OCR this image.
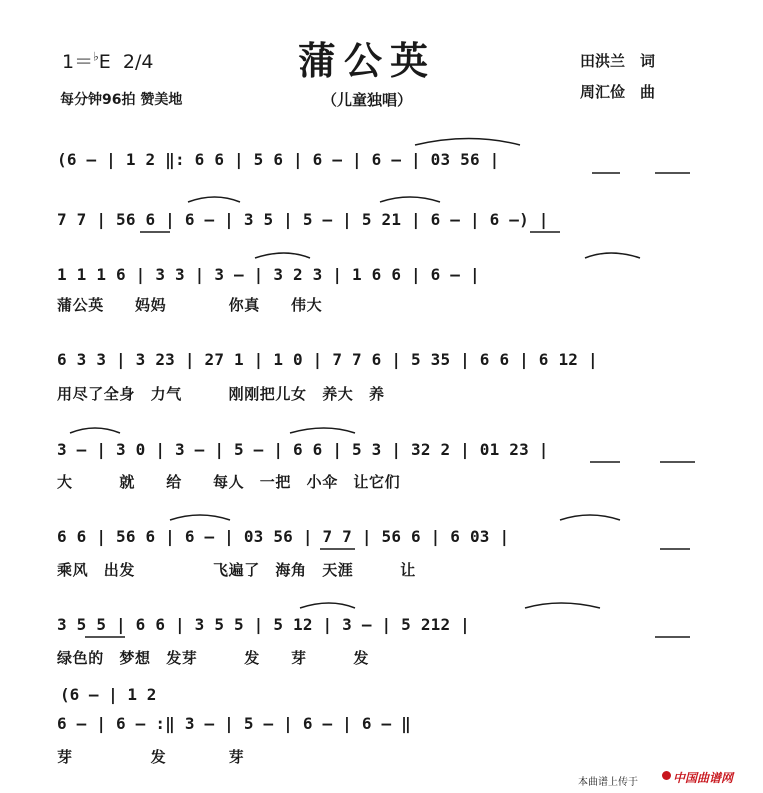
蒲公英
1＝♭E 2/4
每分钟96拍 赞美地	（儿童独唱）
田洪兰　词
周汇俭　曲
(6 — | 1 2 ‖: 6 6 | 5 6 | 6 — | 6 — | 03 56 |
7 7 | 56 6 | 6 — | 3 5 | 5 — | 5 21 | 6 — | 6 —) |
1 1 1 6 | 3 3 | 3 — | 3 2 3 | 1 6 6 | 6 — |
蒲公英　　妈妈　　　　你真　　伟大
6 3 3 | 3 23 | 27 1 | 1 0 | 7 7 6 | 5 35 | 6 6 | 6 12 |
用尽了全身　力气　　　刚刚把儿女　养大　养
3 — | 3 0 | 3 — | 5 — | 6 6 | 5 3 | 32 2 | 01 23 |
大　　　就　　给　　每人　一把　小伞　让它们
6 6 | 56 6 | 6 — | 03 56 | 7 7 | 56 6 | 6 03 |
乘风　出发　　　　　飞遍了　海角　天涯　　　让
3 5 5 | 6 6 | 3 5 5 | 5 12 | 3 — | 5 212 |
绿色的　梦想　发芽　　　发　　芽　　　发
(6 — | 1 2
6 — | 6 — :‖ 3 — | 5 — | 6 — | 6 — ‖
芽　　　　　发　　　　芽
本曲谱上传于	中国曲谱网
